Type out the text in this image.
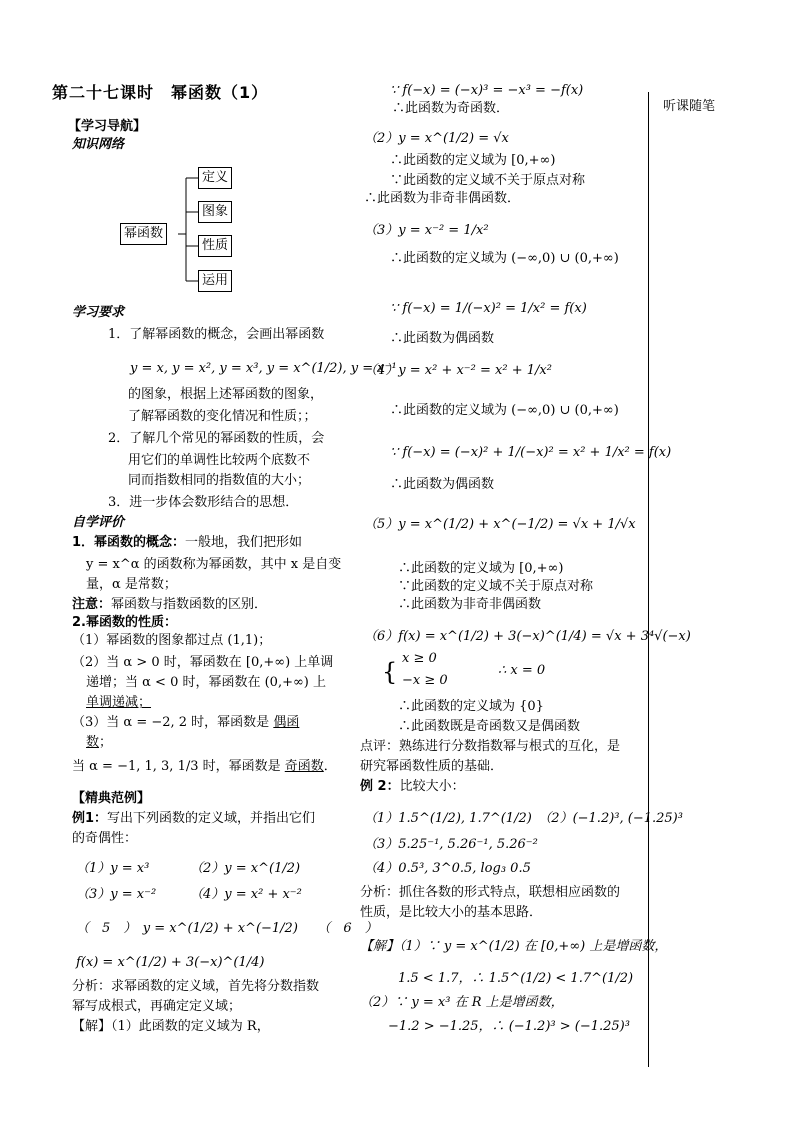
听课随笔
第二十七课时　幂函数（1）
【学习导航】
知识网络
幂函数
定义
图象
性质
运用
学习要求
1．了解幂函数的概念，会画出幂函数
y = x, y = x², y = x³, y = x^(1/2), y = x⁻¹
的图象，根据上述幂函数的图象，
了解幂函数的变化情况和性质；；
2．了解几个常见的幂函数的性质，会
用它们的单调性比较两个底数不
同而指数相同的指数值的大小；
3．进一步体会数形结合的思想．
自学评价
1．幂函数的概念：一般地，我们把形如
y = x^α 的函数称为幂函数，其中 x 是自变
量，α 是常数；
注意：幂函数与指数函数的区别．
2.幂函数的性质：
（1）幂函数的图象都过点 (1,1)；
（2）当 α > 0 时，幂函数在 [0,+∞) 上单调
递增；当 α < 0 时，幂函数在 (0,+∞) 上
单调递减；
（3）当 α = −2, 2 时，幂函数是 偶函
数；
当 α = −1, 1, 3, 1/3 时，幂函数是 奇函数．
【精典范例】
例1：写出下列函数的定义域，并指出它们
的奇偶性：
（1）y = x³	（2）y = x^(1/2)
（3）y = x⁻²	（4）y = x² + x⁻²
（　5　）　y = x^(1/2) + x^(−1/2)　　（　6　）
f(x) = x^(1/2) + 3(−x)^(1/4)
分析：求幂函数的定义域，首先将分数指数
幂写成根式，再确定定义域；
【解】（1）此函数的定义域为 R，
∵ f(−x) = (−x)³ = −x³ = −f(x)
∴此函数为奇函数．
（2）y = x^(1/2) = √x
∴此函数的定义域为 [0,+∞)
∵此函数的定义域不关于原点对称
∴此函数为非奇非偶函数．
（3）y = x⁻² = 1/x²
∴此函数的定义域为 (−∞,0) ∪ (0,+∞)
∵ f(−x) = 1/(−x)² = 1/x² = f(x)
∴此函数为偶函数
（4）y = x² + x⁻² = x² + 1/x²
∴此函数的定义域为 (−∞,0) ∪ (0,+∞)
∵ f(−x) = (−x)² + 1/(−x)² = x² + 1/x² = f(x)
∴此函数为偶函数
（5）y = x^(1/2) + x^(−1/2) = √x + 1/√x
∴此函数的定义域为 [0,+∞)
∵此函数的定义域不关于原点对称
∴此函数为非奇非偶函数
（6）f(x) = x^(1/2) + 3(−x)^(1/4) = √x + 3⁴√(−x)
{ x ≥ 0
−x ≥ 0
∴ x = 0
∴此函数的定义域为 {0}
∴此函数既是奇函数又是偶函数
点评：熟练进行分数指数幂与根式的互化，是
研究幂函数性质的基础．
例 2：比较大小：
（1）1.5^(1/2), 1.7^(1/2)　（2）(−1.2)³, (−1.25)³
（3）5.25⁻¹, 5.26⁻¹, 5.26⁻²
（4）0.5³, 3^0.5, log₃ 0.5
分析：抓住各数的形式特点，联想相应函数的
性质，是比较大小的基本思路．
【解】（1）∵ y = x^(1/2) 在 [0,+∞) 上是增函数，
1.5 < 1.7，∴ 1.5^(1/2) < 1.7^(1/2)
（2）∵ y = x³ 在 R 上是增函数，
−1.2 > −1.25，∴ (−1.2)³ > (−1.25)³
